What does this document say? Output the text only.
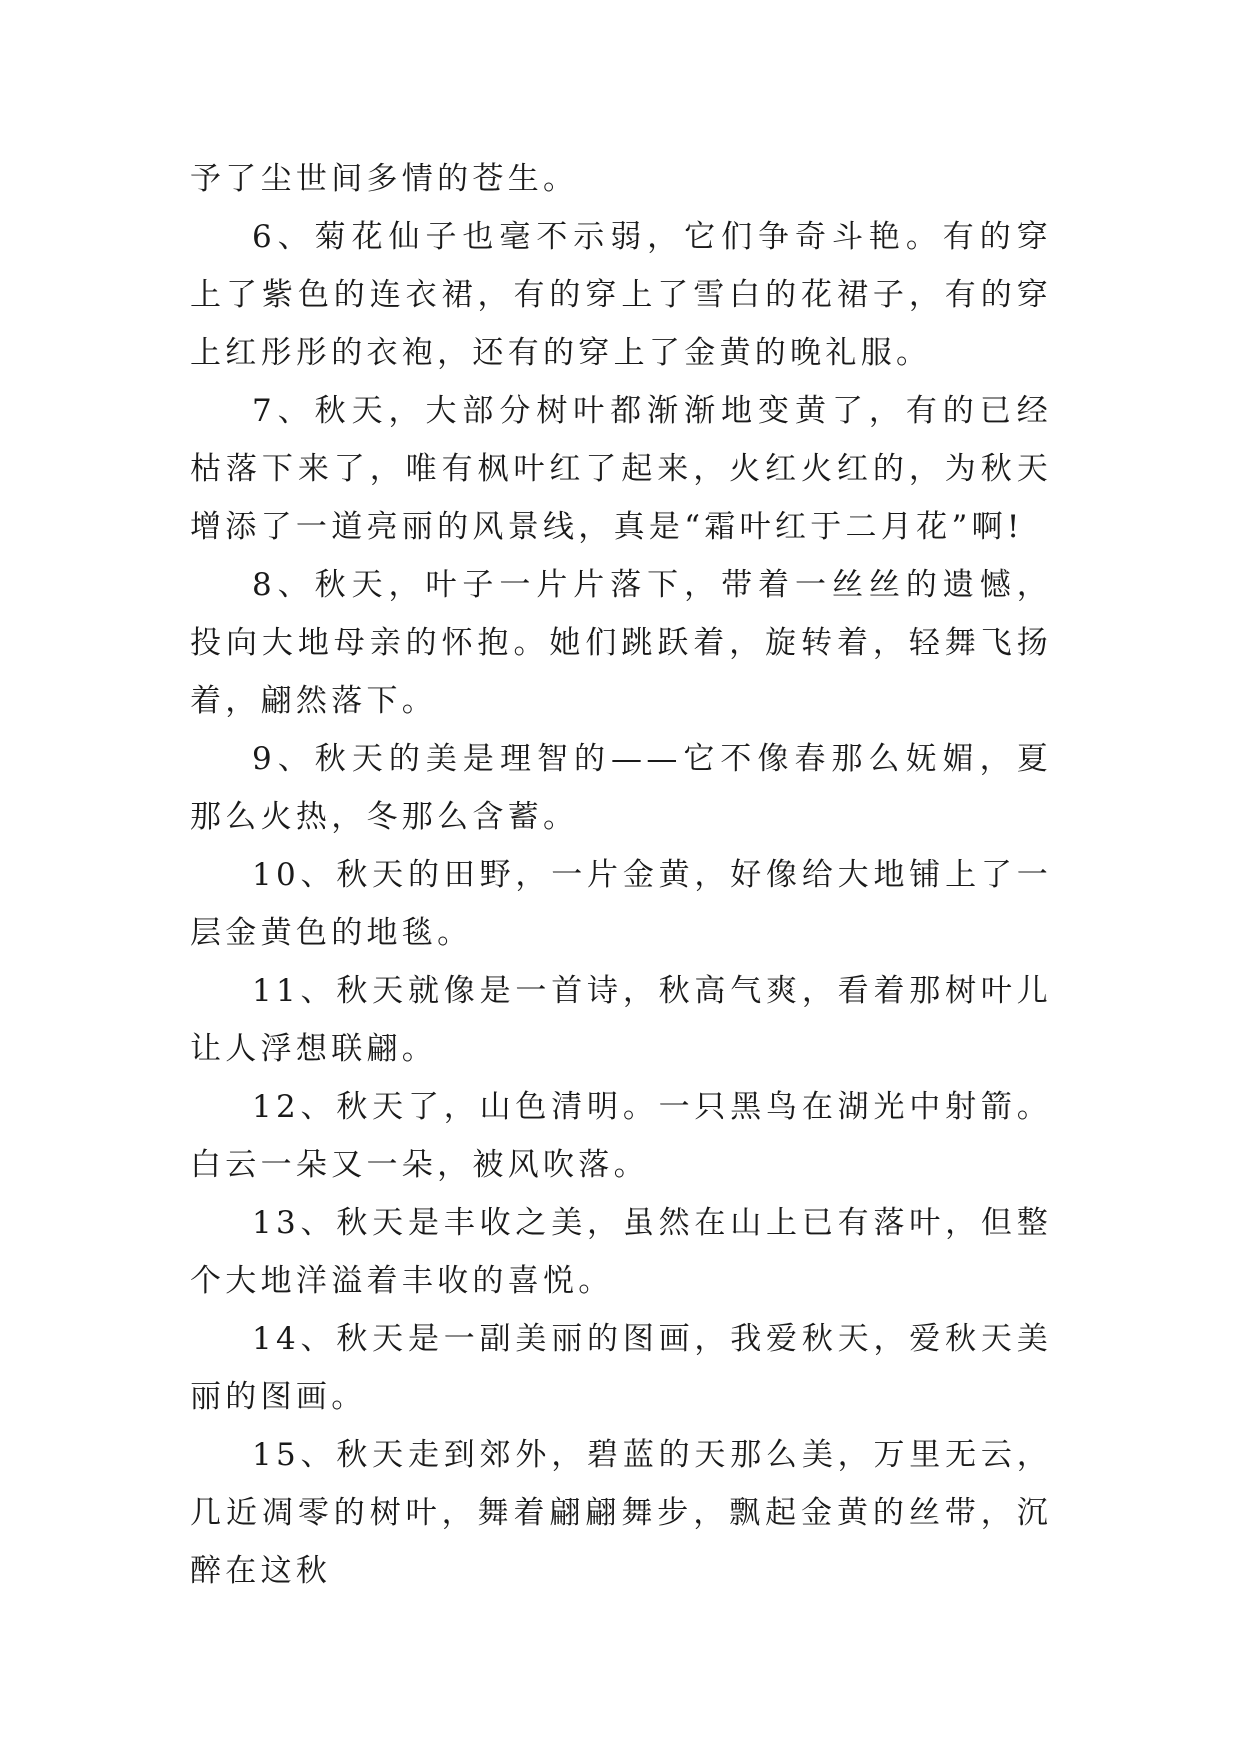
予了尘世间多情的苍生。

6、菊花仙子也毫不示弱，它们争奇斗艳。有的穿上了紫色的连衣裙，有的穿上了雪白的花裙子，有的穿上红彤彤的衣袍，还有的穿上了金黄的晚礼服。

7、秋天，大部分树叶都渐渐地变黄了，有的已经枯落下来了，唯有枫叶红了起来，火红火红的，为秋天增添了一道亮丽的风景线，真是“霜叶红于二月花”啊!

8、秋天，叶子一片片落下，带着一丝丝的遗憾，投向大地母亲的怀抱。她们跳跃着，旋转着，轻舞飞扬着，翩然落下。

9、秋天的美是理智的——它不像春那么妩媚，夏那么火热，冬那么含蓄。

10、秋天的田野，一片金黄，好像给大地铺上了一层金黄色的地毯。

11、秋天就像是一首诗，秋高气爽，看着那树叶儿让人浮想联翩。

12、秋天了，山色清明。一只黑鸟在湖光中射箭。白云一朵又一朵，被风吹落。

13、秋天是丰收之美，虽然在山上已有落叶，但整个大地洋溢着丰收的喜悦。

14、秋天是一副美丽的图画，我爱秋天，爱秋天美丽的图画。

15、秋天走到郊外，碧蓝的天那么美，万里无云，几近凋零的树叶，舞着翩翩舞步，飘起金黄的丝带，沉醉在这秋
